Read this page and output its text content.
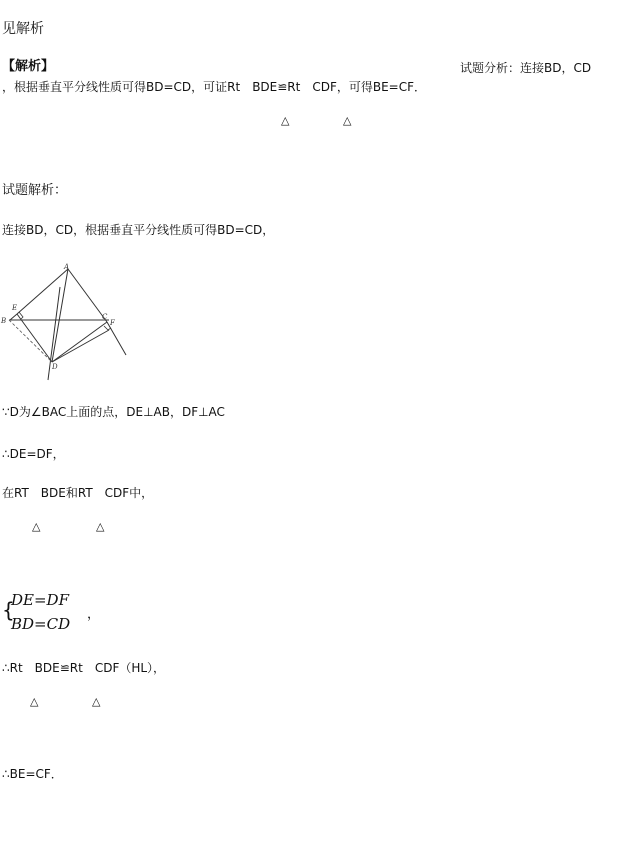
见解析
【解析】	试题分析：连接BD，CD
，根据垂直平分线性质可得BD=CD，可证Rt　BDE≌Rt　CDF，可得BE=CF．
△	△
试题解析：
连接BD，CD，根据垂直平分线性质可得BD=CD，
A
B	C
D
E
F
∵D为∠BAC上面的点，DE⊥AB，DF⊥AC
∴DE=DF，
在RT　BDE和RT　CDF中，
△	△
{
DE=DF
BD=CD
，
∴Rt　BDE≌Rt　CDF（HL），
△	△
∴BE=CF．
